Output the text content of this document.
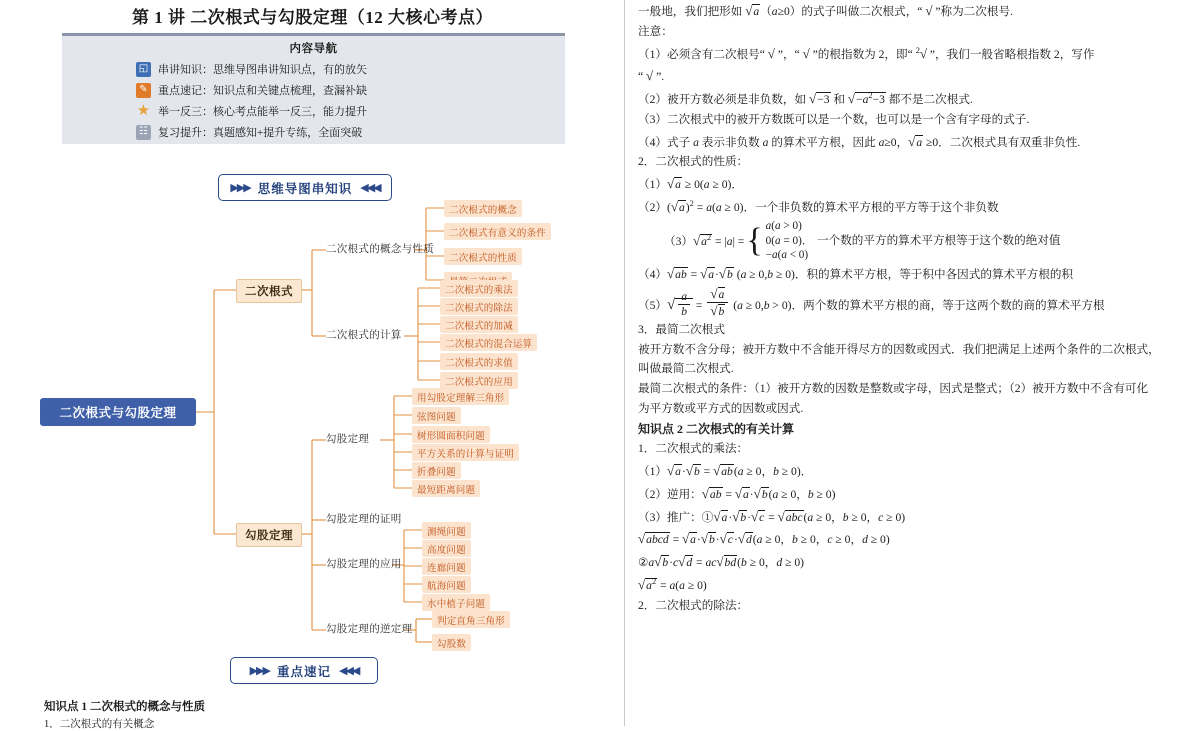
第 1 讲 二次根式与勾股定理（12 大核心考点）
内容导航
◱ 串讲知识：思维导图串讲知识点，有的放矢
✎ 重点速记：知识点和关键点梳理，查漏补缺
★ 举一反三：核心考点能举一反三，能力提升
☷ 复习提升：真题感知+提升专练，全面突破
▶▶▶ 思维导图串知识 ◀◀◀
二次根式与勾股定理
二次根式
勾股定理
二次根式的概念与性质
二次根式的计算
二次根式的概念
二次根式有意义的条件
二次根式的性质
二次根式的乘法
二次根式的除法
二次根式的加减
二次根式的混合运算
二次根式的求值
二次根式的应用
勾股定理
勾股定理的证明
勾股定理的应用
勾股定理的逆定理
用勾股定理解三角形
弦图问题
树形圆面积问题
平方关系的计算与证明
折叠问题
最短距离问题
测绳问题
高度问题
连廊问题
航海问题
水中植子问题
判定直角三角形
勾股数
▶▶▶ 重点速记 ◀◀◀
知识点 1 二次根式的概念与性质
1．二次根式的有关概念

一般地，我们把形如 √a（a≥0）的式子叫做二次根式，“ √ ”称为二次根号.

注意：

（1）必须含有二次根号“ √ ”，“ √ ”的根指数为 2，即“ $^2$√ ”，我们一般省略根指数 2，写作

“ √ ”.

（2）被开方数必须是非负数，如 √−3 和 $√-a^2-3$ 都不是二次根式.

（3）二次根式中的被开方数既可以是一个数，也可以是一个含有字母的式子.

（4）式子 a 表示非负数 a 的算术平方根，因此 a≥0，√a ≥0．二次根式具有双重非负性.

2．二次根式的性质：

（1）√a ≥ 0(a ≥ 0)．

$(2)(√a)^2 = a(a \ge 0)$．一个非负数的算术平方根的平方等于这个非负数

$(3)√a^2 = |a|$ = { a(a > 0)
0(a = 0)．
−a(a < 0)
一个数的平方的算术平方根等于这个数的绝对值

（4）√ab = √a·√b (a ≥ 0,b ≥ 0)．积的算术平方根，等于积中各因式的算术平方根的积

$(5)√ \frac{a}{b} = \frac{√a}{√b} (a \ge 0,b > 0)$．两个数的算术平方根的商，等于这两个数的商的算术平方根

3．最简二次根式

被开方数不含分母；被开方数中不含能开得尽方的因数或因式．我们把满足上述两个条件的二次根式，

叫做最简二次根式.

最简二次根式的条件：（1）被开方数的因数是整数或字母，因式是整式；（2）被开方数中不含有可化

为平方数或平方式的因数或因式.

知识点 2 二次根式的有关计算

1．二次根式的乘法：

（1）√a·√b = √ab(a ≥ 0，b ≥ 0)．

（2）逆用：√ab = √a·√b(a ≥ 0，b ≥ 0)

（3）推广：①√a·√b·√c = √abc(a ≥ 0，b ≥ 0，c ≥ 0)

√abcd = √a·√b·√c·√d(a ≥ 0，b ≥ 0，c ≥ 0，d ≥ 0)

②a√b·c√d = ac√bd(b ≥ 0，d ≥ 0)

$√a^2 = a(a \ge 0)$

2．二次根式的除法：
